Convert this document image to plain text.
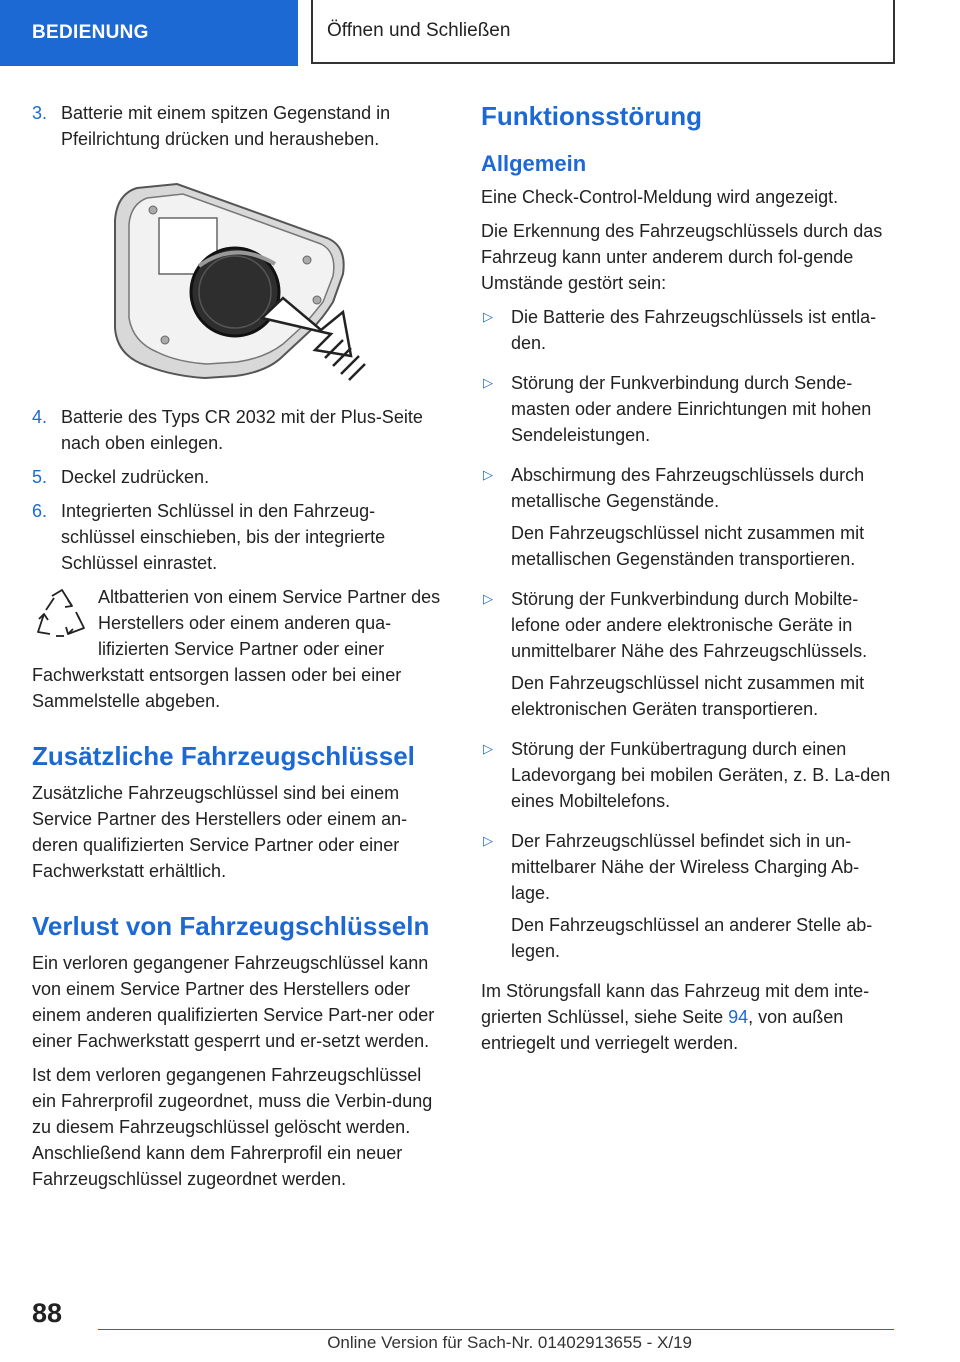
BEDIENUNG	Öffnen und Schließen
3. Batterie mit einem spitzen Gegenstand in Pfeilrichtung drücken und herausheben.
4. Batterie des Typs CR 2032 mit der Plus-Seite nach oben einlegen.
5. Deckel zudrücken.
6. Integrierten Schlüssel in den Fahrzeug-schlüssel einschieben, bis der integrierte Schlüssel einrastet.
Altbatterien von einem Service Partner des Herstellers oder einem anderen qua-lifizierten Service Partner oder einer Fachwerkstatt entsorgen lassen oder bei einer Sammelstelle abgeben.
Zusätzliche Fahrzeugschlüssel

Zusätzliche Fahrzeugschlüssel sind bei einem Service Partner des Herstellers oder einem an-deren qualifizierten Service Partner oder einer Fachwerkstatt erhältlich.

Verlust von Fahrzeugschlüsseln

Ein verloren gegangener Fahrzeugschlüssel kann von einem Service Partner des Herstellers oder einem anderen qualifizierten Service Part-ner oder einer Fachwerkstatt gesperrt und er-setzt werden.

Ist dem verloren gegangenen Fahrzeugschlüssel ein Fahrerprofil zugeordnet, muss die Verbin-dung zu diesem Fahrzeugschlüssel gelöscht werden. Anschließend kann dem Fahrerprofil ein neuer Fahrzeugschlüssel zugeordnet werden.

Funktionsstörung
Allgemein

Eine Check-Control-Meldung wird angezeigt.

Die Erkennung des Fahrzeugschlüssels durch das Fahrzeug kann unter anderem durch fol-gende Umstände gestört sein:

▷	Die Batterie des Fahrzeugschlüssels ist entla-den.

▷	Störung der Funkverbindung durch Sende-masten oder andere Einrichtungen mit hohen Sendeleistungen.

▷	Abschirmung des Fahrzeugschlüssels durch metallische Gegenstände.

Den Fahrzeugschlüssel nicht zusammen mit metallischen Gegenständen transportieren.

▷	Störung der Funkverbindung durch Mobilte-lefone oder andere elektronische Geräte in unmittelbarer Nähe des Fahrzeugschlüssels.

Den Fahrzeugschlüssel nicht zusammen mit elektronischen Geräten transportieren.

▷	Störung der Funkübertragung durch einen Ladevorgang bei mobilen Geräten, z. B. La-den eines Mobiltelefons.

▷	Der Fahrzeugschlüssel befindet sich in un-mittelbarer Nähe der Wireless Charging Ab-lage.

Den Fahrzeugschlüssel an anderer Stelle ab-legen.

Im Störungsfall kann das Fahrzeug mit dem inte-grierten Schlüssel, siehe Seite 94, von außen entriegelt und verriegelt werden.

88
Online Version für Sach-Nr. 01402913655 - X/19
